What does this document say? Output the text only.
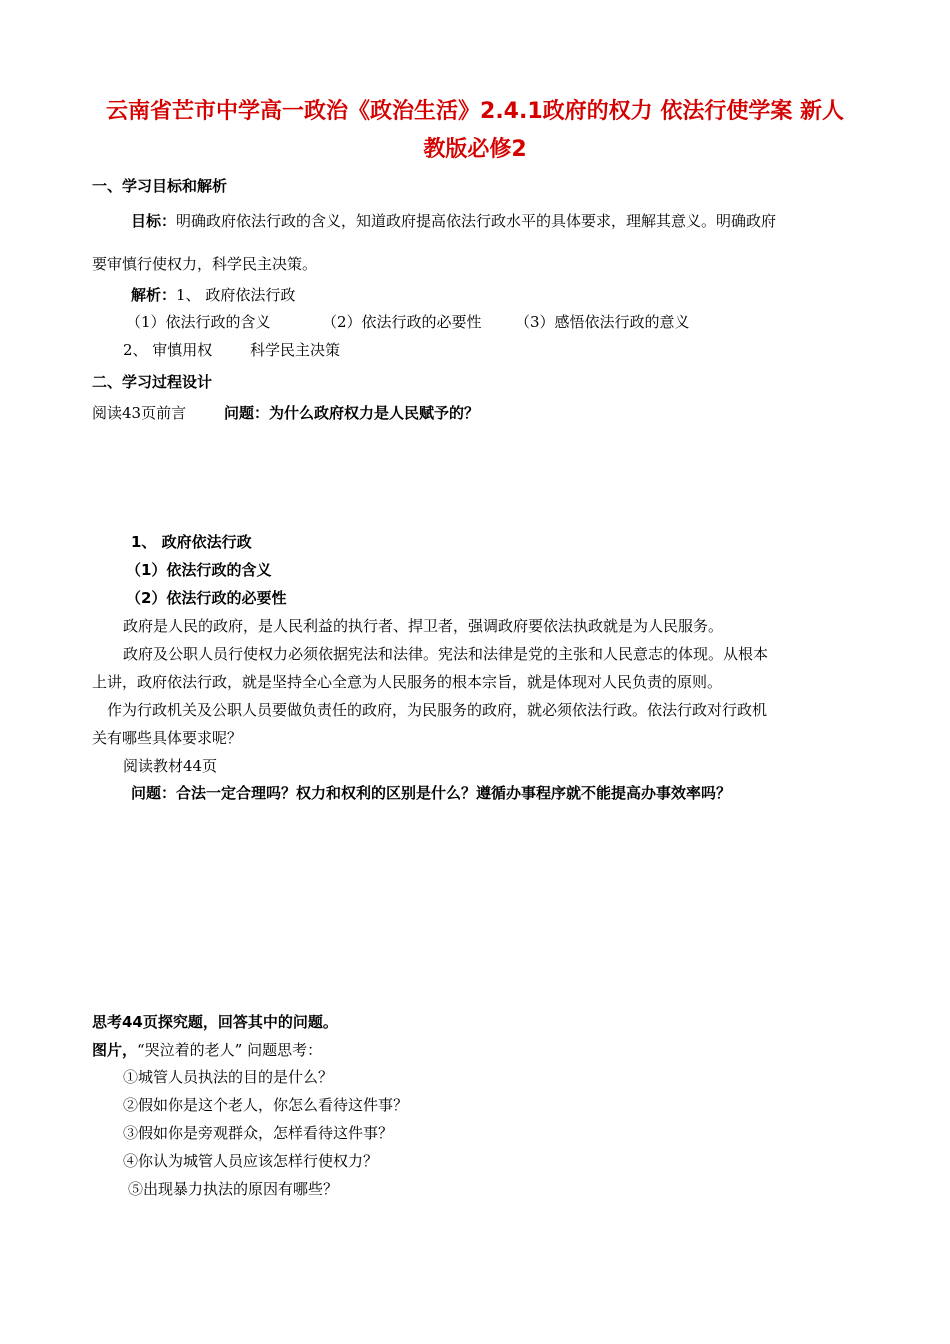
云南省芒市中学高一政治《政治生活》2.4.1政府的权力 依法行使学案 新人
教版必修2
一、学习目标和解析
目标：明确政府依法行政的含义，知道政府提高依法行政水平的具体要求，理解其意义。明确政府
要审慎行使权力，科学民主决策。
解析：1、 政府依法行政
（1）依法行政的含义	（2）依法行政的必要性 （3）感悟依法行政的意义
2、 审慎用权	科学民主决策
二、学习过程设计
阅读43页前言	问题：为什么政府权力是人民赋予的？
1、 政府依法行政
（1）依法行政的含义
（2）依法行政的必要性
政府是人民的政府，是人民利益的执行者、捍卫者，强调政府要依法执政就是为人民服务。
政府及公职人员行使权力必须依据宪法和法律。宪法和法律是党的主张和人民意志的体现。从根本
上讲，政府依法行政，就是坚持全心全意为人民服务的根本宗旨，就是体现对人民负责的原则。
作为行政机关及公职人员要做负责任的政府，为民服务的政府，就必须依法行政。依法行政对行政机
关有哪些具体要求呢？
阅读教材44页
问题：合法一定合理吗？权力和权利的区别是什么？遵循办事程序就不能提高办事效率吗？
思考44页探究题，回答其中的问题。
图片，“哭泣着的老人” 问题思考：
①城管人员执法的目的是什么？
②假如你是这个老人，你怎么看待这件事？
③假如你是旁观群众，怎样看待这件事？
④你认为城管人员应该怎样行使权力？
⑤出现暴力执法的原因有哪些？
